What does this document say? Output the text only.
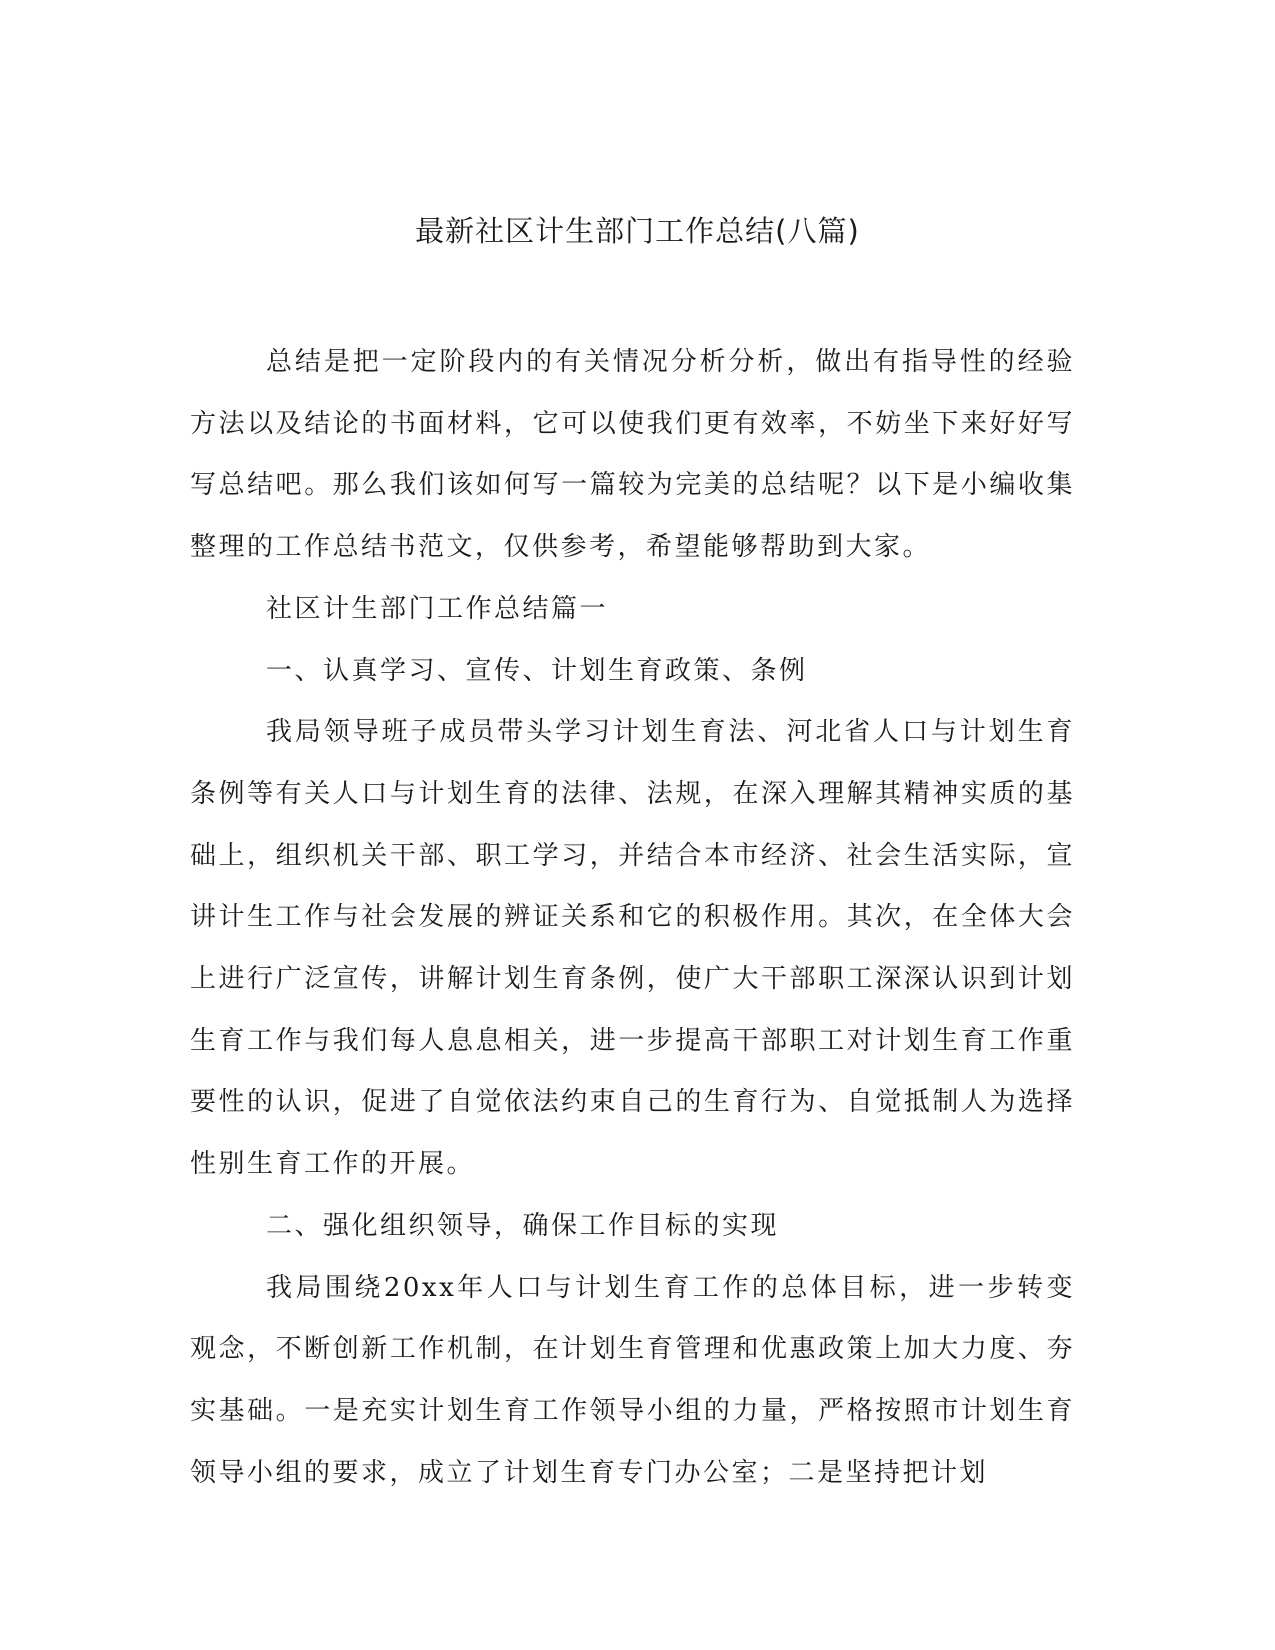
最新社区计生部门工作总结(八篇)

总结是把一定阶段内的有关情况分析分析，做出有指导性的经验方法以及结论的书面材料，它可以使我们更有效率，不妨坐下来好好写写总结吧。那么我们该如何写一篇较为完美的总结呢？以下是小编收集整理的工作总结书范文，仅供参考，希望能够帮助到大家。

社区计生部门工作总结篇一

一、认真学习、宣传、计划生育政策、条例

我局领导班子成员带头学习计划生育法、河北省人口与计划生育条例等有关人口与计划生育的法律、法规，在深入理解其精神实质的基础上，组织机关干部、职工学习，并结合本市经济、社会生活实际，宣讲计生工作与社会发展的辨证关系和它的积极作用。其次，在全体大会上进行广泛宣传，讲解计划生育条例，使广大干部职工深深认识到计划生育工作与我们每人息息相关，进一步提高干部职工对计划生育工作重要性的认识，促进了自觉依法约束自己的生育行为、自觉抵制人为选择性别生育工作的开展。

二、强化组织领导，确保工作目标的实现

我局围绕20xx年人口与计划生育工作的总体目标，进一步转变观念，不断创新工作机制，在计划生育管理和优惠政策上加大力度、夯实基础。一是充实计划生育工作领导小组的力量，严格按照市计划生育领导小组的要求，成立了计划生育专门办公室；二是坚持把计划
